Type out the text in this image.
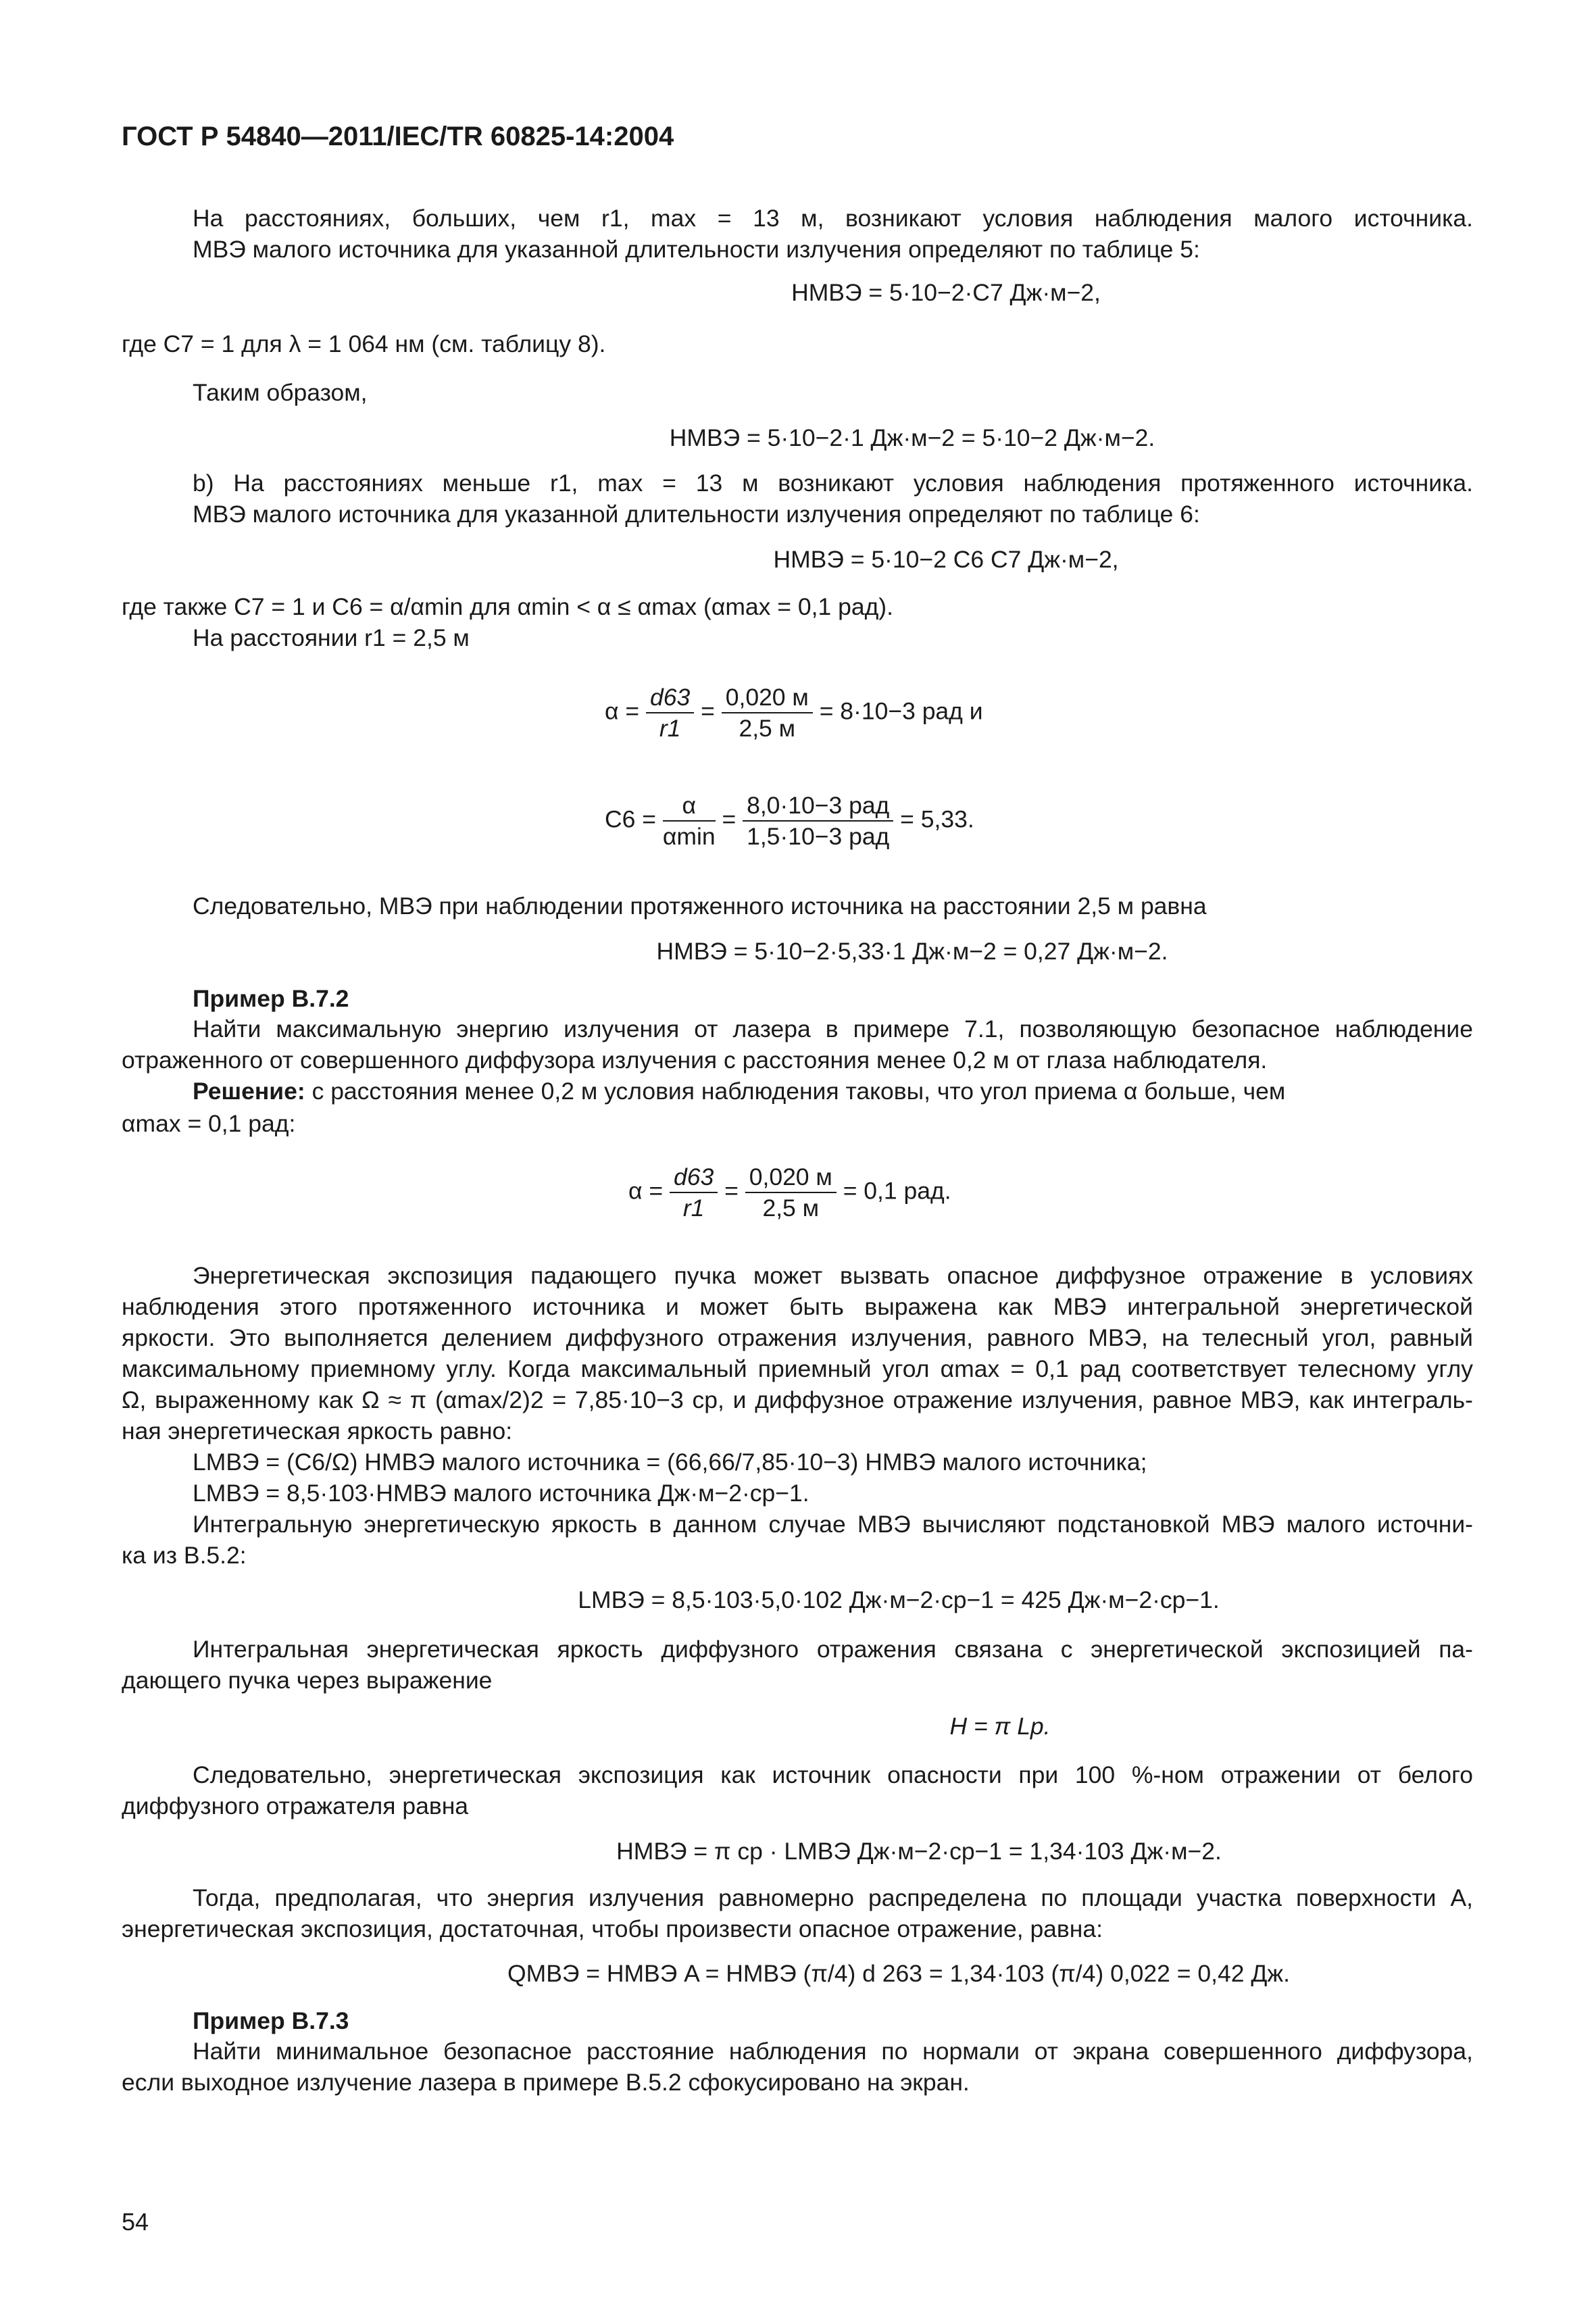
ГОСТ Р 54840—2011/IEC/TR 60825-14:2004
На расстояниях, больших, чем r1, max = 13 м, возникают условия наблюдения малого источника.
МВЭ малого источника для указанной длительности излучения определяют по таблице 5:
HМВЭ = 5·10−2·C7 Дж·м−2,
где C7 = 1 для λ = 1 064 нм (см. таблицу 8).
Таким образом,
HМВЭ = 5·10−2·1 Дж·м−2 = 5·10−2 Дж·м−2.
b) На расстояниях меньше r1, max = 13 м возникают условия наблюдения протяженного источника.
МВЭ малого источника для указанной длительности излучения определяют по таблице 6:
HМВЭ = 5·10−2 C6 C7 Дж·м−2,
где также C7 = 1 и C6 = α/αmin для αmin < α ≤ αmax (αmax = 0,1 рад).
На расстоянии r1 = 2,5 м
$\alpha = \frac{d63}{r1}$ =
0,020 м
2,5 м
= 8·10−3 рад и
C6 =
α
αmin
=
8,0·10−3 рад
1,5·10−3 рад
= 5,33.
Следовательно, МВЭ при наблюдении протяженного источника на расстоянии 2,5 м равна
HМВЭ = 5·10−2·5,33·1 Дж·м−2 = 0,27 Дж·м−2.
Пример В.7.2
Найти максимальную энергию излучения от лазера в примере 7.1, позволяющую безопасное наблюдение
отраженного от совершенного диффузора излучения с расстояния менее 0,2 м от глаза наблюдателя.
Решение: с расстояния менее 0,2 м условия наблюдения таковы, что угол приема α больше, чем
αmax = 0,1 рад:
$\alpha = \frac{d63}{r1}$ =
0,020 м
2,5 м
= 0,1 рад.
Энергетическая экспозиция падающего пучка может вызвать опасное диффузное отражение в условиях
наблюдения этого протяженного источника и может быть выражена как МВЭ интегральной энергетической
яркости. Это выполняется делением диффузного отражения излучения, равного МВЭ, на телесный угол, равный
максимальному приемному углу. Когда максимальный приемный угол αmax = 0,1 рад соответствует телесному углу
Ω, выраженному как Ω ≈ π (αmax/2)2 = 7,85·10−3 ср, и диффузное отражение излучения, равное МВЭ, как интеграль-
ная энергетическая яркость равно:
LМВЭ = (C6/Ω) HМВЭ малого источника = (66,66/7,85·10−3) HМВЭ малого источника;
LМВЭ = 8,5·103·HМВЭ малого источника Дж·м−2·ср−1.
Интегральную энергетическую яркость в данном случае МВЭ вычисляют подстановкой МВЭ малого источни-
ка из В.5.2:
LМВЭ = 8,5·103·5,0·102 Дж·м−2·ср−1 = 425 Дж·м−2·ср−1.
Интегральная энергетическая яркость диффузного отражения связана с энергетической экспозицией па-
дающего пучка через выражение
H = π Lp.
Следовательно, энергетическая экспозиция как источник опасности при 100 %-ном отражении от белого
диффузного отражателя равна
HМВЭ = π ср · LМВЭ Дж·м−2·ср−1 = 1,34·103 Дж·м−2.
Тогда, предполагая, что энергия излучения равномерно распределена по площади участка поверхности A,
энергетическая экспозиция, достаточная, чтобы произвести опасное отражение, равна:
QМВЭ = HМВЭ A = HМВЭ (π/4) d 263 = 1,34·103 (π/4) 0,022 = 0,42 Дж.
Пример В.7.3
Найти минимальное безопасное расстояние наблюдения по нормали от экрана совершенного диффузора,
если выходное излучение лазера в примере В.5.2 сфокусировано на экран.
54
